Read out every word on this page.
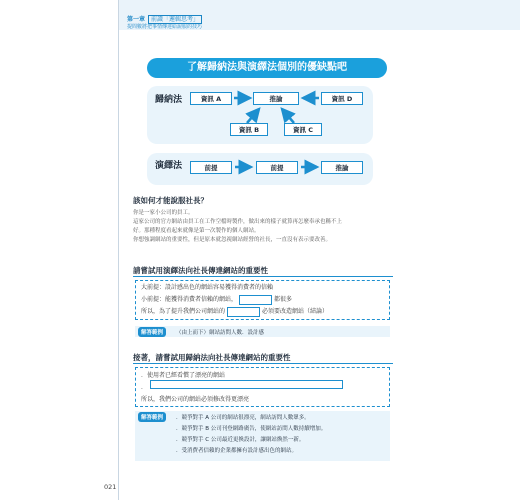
第一章 前識「邏輯思考」
提問數將把事情傳達給說服的技巧
了解歸納法與演繹法個別的優缺點吧
歸納法	資訊 A	推論	資訊 D
資訊 B	資訊 C
演繹法	前提	前提	推論
該如何才能說服社長？
你是一家小公司的員工。
這家公司的官方網站由員工在工作空檔時製作，做出來的樣子就算再怎麼奉承也稱不上
好。那種程度看起來就像是第一次製作的個人網站。
你想強調網站的重要性，但是原本就忽視網站經營的社長，一直沒有表示要改善。
請嘗試用演繹法向社長傳達網站的重要性
大前提：設計感出色的網站容易獲得消費者的信賴
小前提：能獲得消費者信賴的網站，	都很多
所以，為了提升我們公司網站的	必須要改造網站（結論）
解答範例	（由上而下）網站訪問人數．設計感
接著，請嘗試用歸納法向社長傳達網站的重要性
．使用者已經看慣了漂亮的網站
．
所以，我們公司的網站必須修改得更漂亮
解答範例	．競爭對手 A 公司的網站很漂亮，網站訪問人數眾多。
．競爭對手 B 公司刊登網路廣告，使網站訪問人數持續增加。
．競爭對手 C 公司最近更換設計，讓網站煥然一新。
．受消費者信賴的企業都擁有設計感出色的網站。
021
